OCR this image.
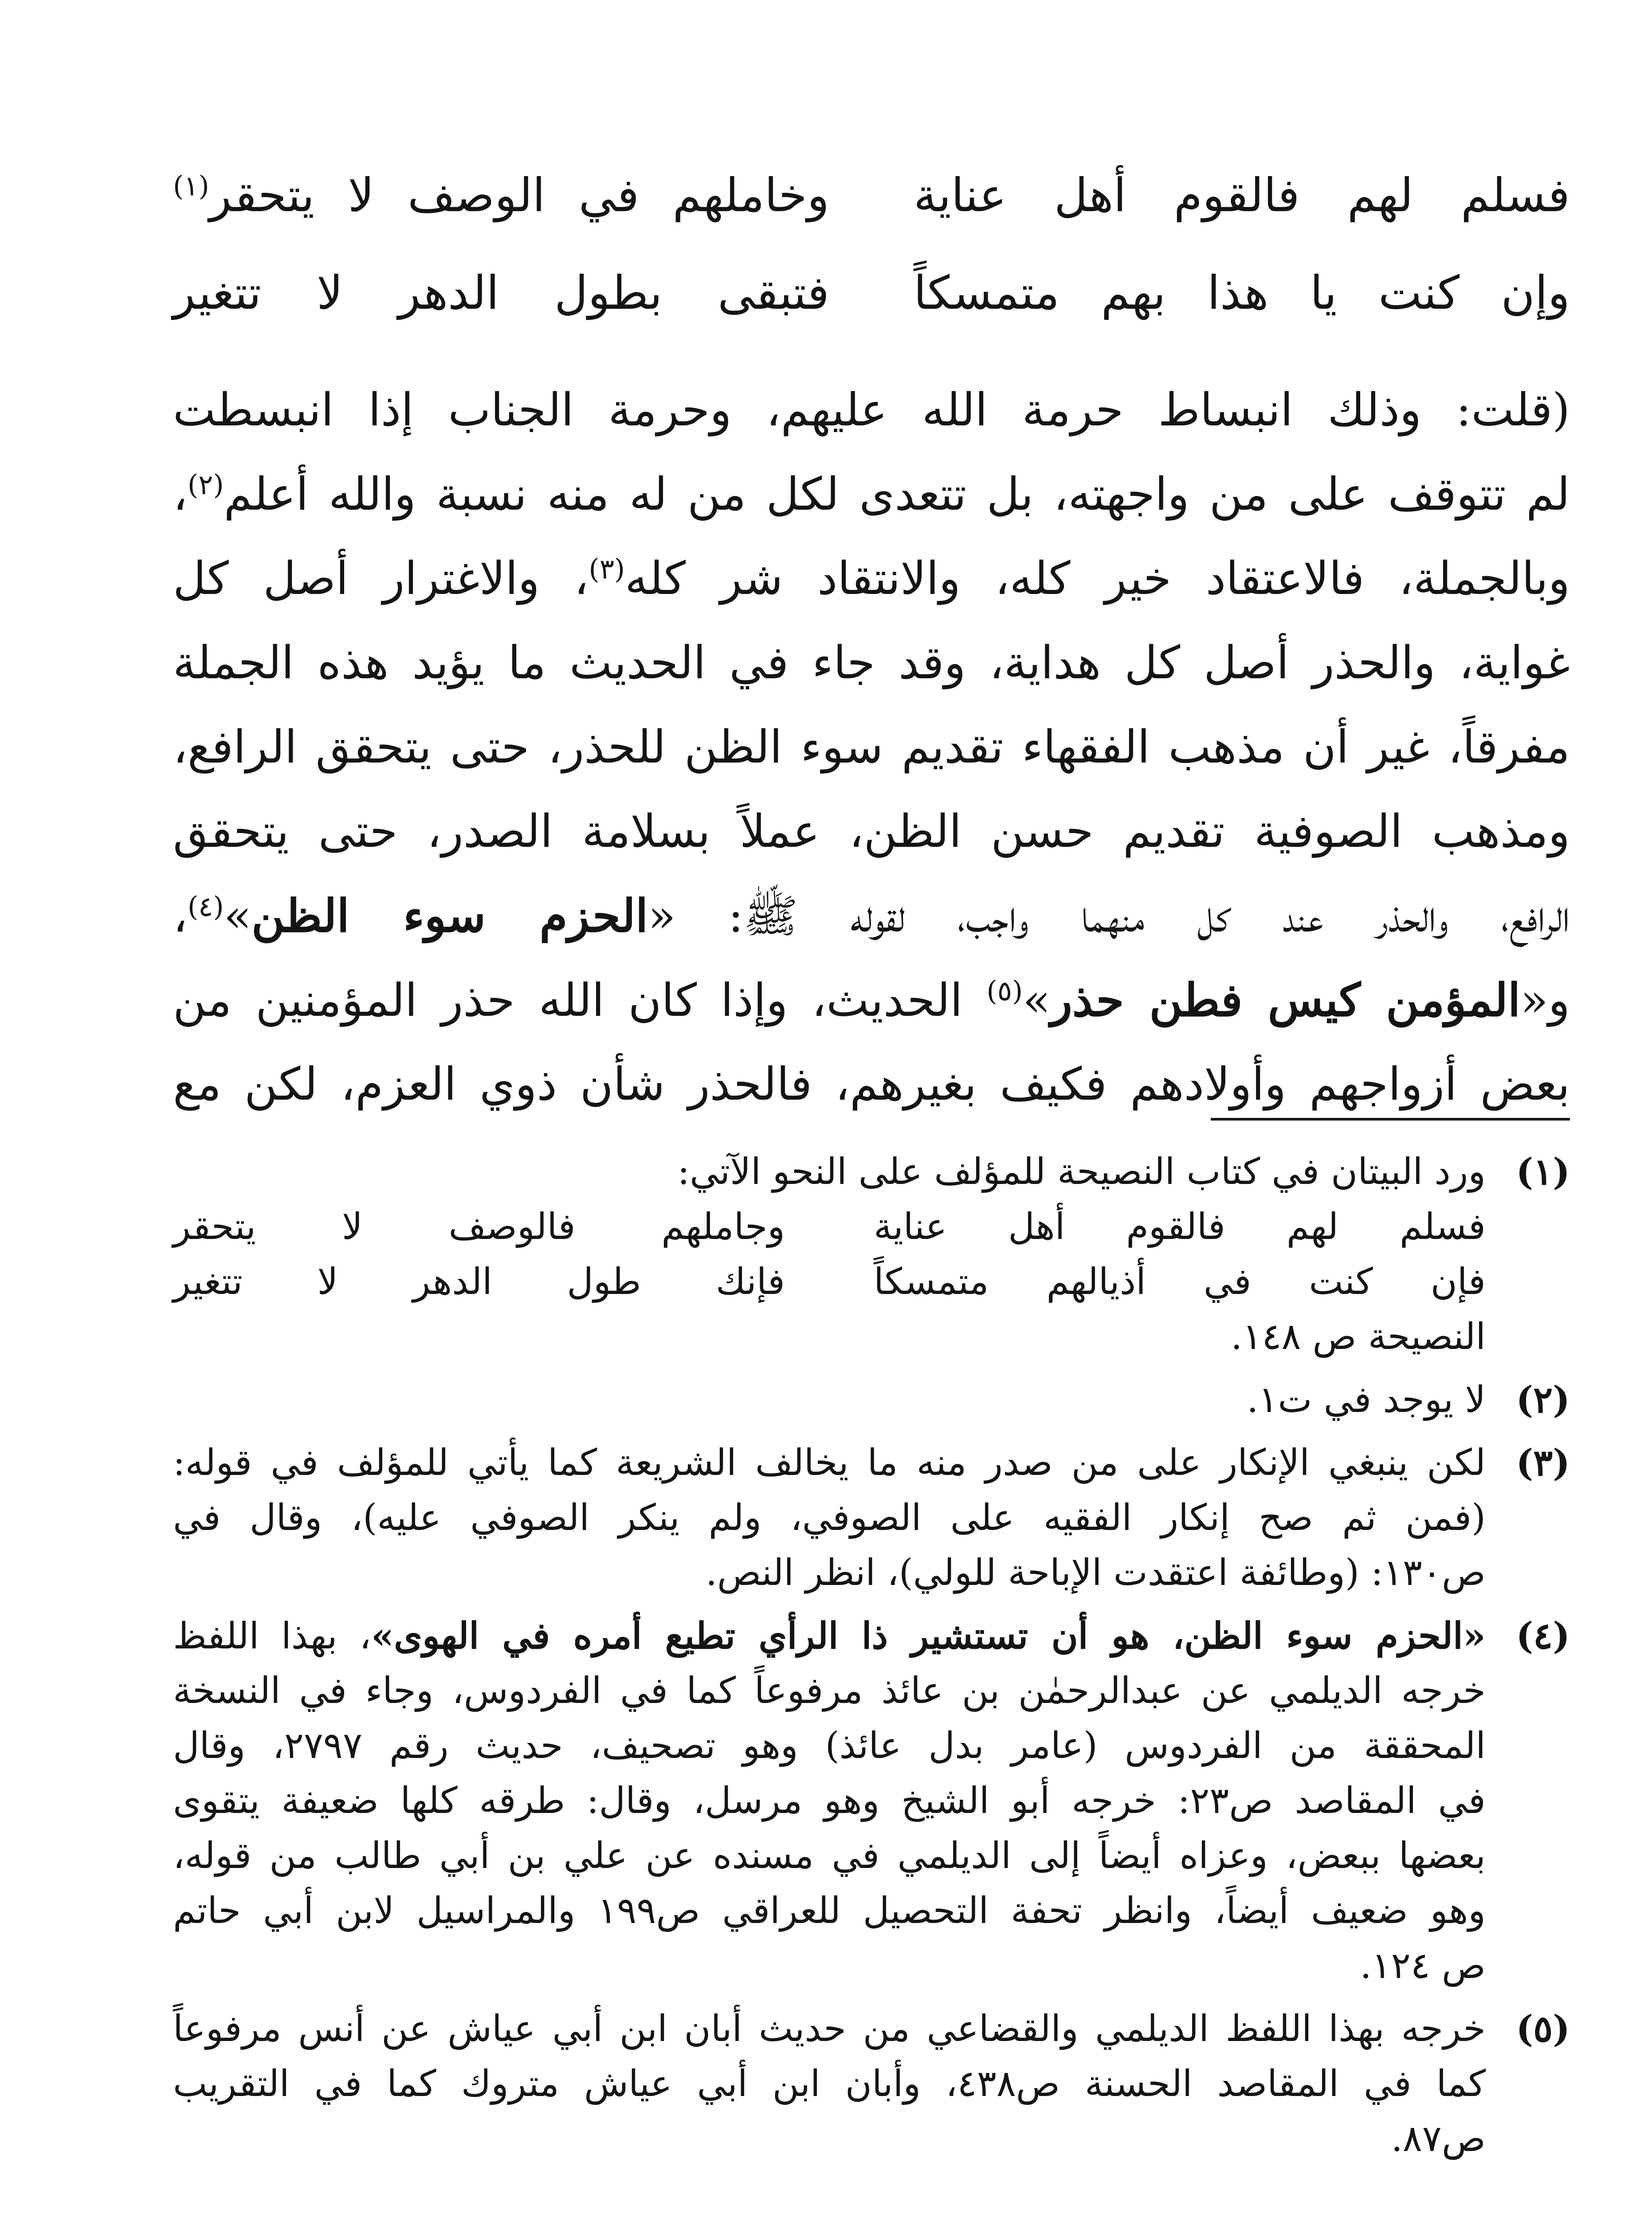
فسلم لهم فالقوم أهل عناية
وخاملهم في الوصف لا يتحقر$^{(١)}$
وإن كنت يا هذا بهم متمسكاً
فتبقى بطول الدهر لا تتغير
(قلت: وذلك انبساط حرمة الله عليهم، وحرمة الجناب إذا انبسطت
لم تتوقف على من واجهته، بل تتعدى لكل من له منه نسبة والله أعلم$^{(٢)}$،
وبالجملة، فالاعتقاد خير كله، والانتقاد شر كله$^{(٣)}$، والاغترار أصل كل
غواية، والحذر أصل كل هداية، وقد جاء في الحديث ما يؤيد هذه الجملة
مفرقاً، غير أن مذهب الفقهاء تقديم سوء الظن للحذر، حتى يتحقق الرافع،
ومذهب الصوفية تقديم حسن الظن، عملاً بسلامة الصدر، حتى يتحقق
الرافع، والحذر عند كل منهما واجب، لقوله ﷺ: «الحزم سوء الظن»$^{(٤)}$،
و«المؤمن كيس فطن حذر»$^{(٥)}$ الحديث، وإذا كان الله حذر المؤمنين من
بعض أزواجهم وأولادهم فكيف بغيرهم، فالحذر شأن ذوي العزم، لكن مع
(١)
ورد البيتان في كتاب النصيحة للمؤلف على النحو الآتي:
فسلم لهم فالقوم أهل عناية
وجاملهم فالوصف لا يتحقر
فإن كنت في أذيالهم متمسكاً
فإنك طول الدهر لا تتغير
النصيحة ص ١٤٨.
(٢)
لا يوجد في ت١.
(٣)
لكن ينبغي الإنكار على من صدر منه ما يخالف الشريعة كما يأتي للمؤلف في قوله:
(فمن ثم صح إنكار الفقيه على الصوفي، ولم ينكر الصوفي عليه)، وقال في
ص١٣٠: (وطائفة اعتقدت الإباحة للولي)، انظر النص.
(٤)
«الحزم سوء الظن، هو أن تستشير ذا الرأي تطيع أمره في الهوى»، بهذا اللفظ
خرجه الديلمي عن عبدالرحمٰن بن عائذ مرفوعاً كما في الفردوس، وجاء في النسخة
المحققة من الفردوس (عامر بدل عائذ) وهو تصحيف، حديث رقم ٢٧٩٧، وقال
في المقاصد ص٢٣: خرجه أبو الشيخ وهو مرسل، وقال: طرقه كلها ضعيفة يتقوى
بعضها ببعض، وعزاه أيضاً إلى الديلمي في مسنده عن علي بن أبي طالب من قوله،
وهو ضعيف أيضاً، وانظر تحفة التحصيل للعراقي ص١٩٩ والمراسيل لابن أبي حاتم
ص ١٢٤.
(٥)
خرجه بهذا اللفظ الديلمي والقضاعي من حديث أبان ابن أبي عياش عن أنس مرفوعاً
كما في المقاصد الحسنة ص٤٣٨، وأبان ابن أبي عياش متروك كما في التقريب
ص٨٧.
